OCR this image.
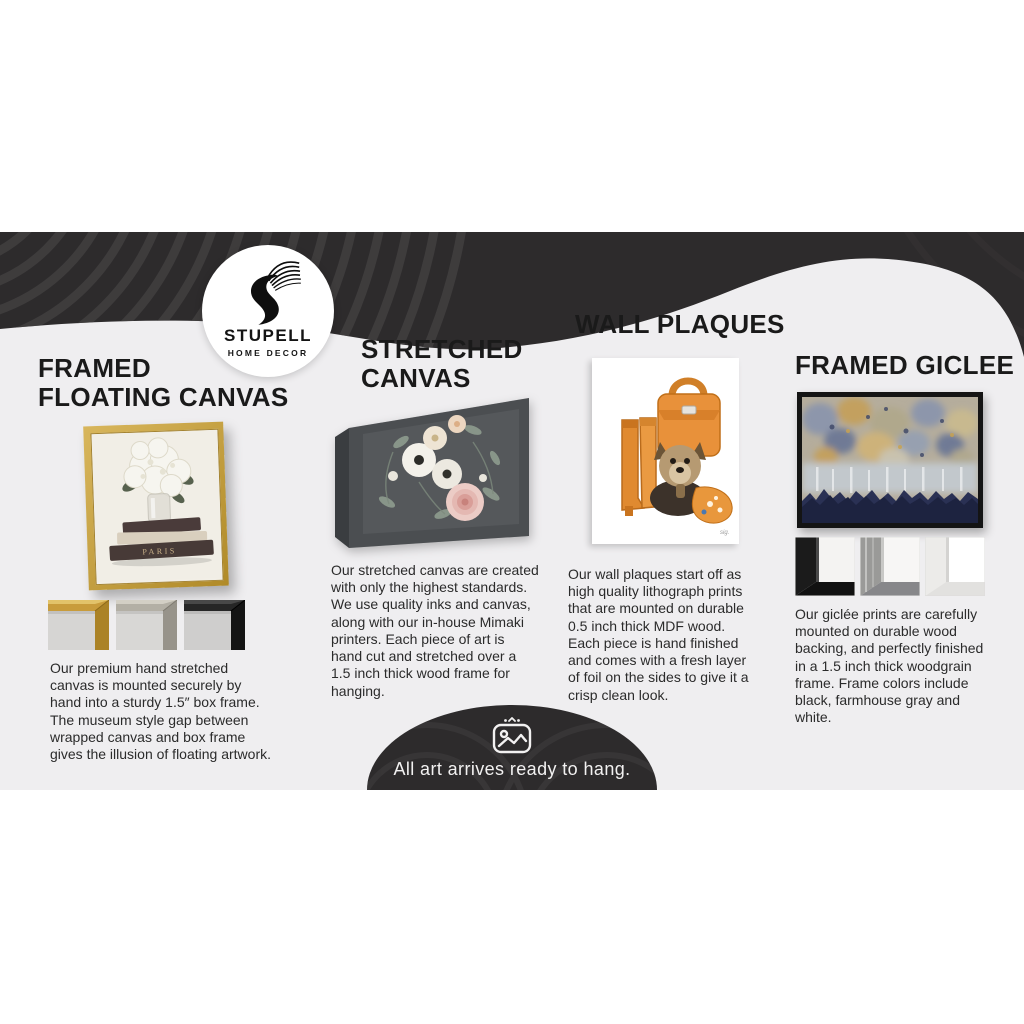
STUPELL
HOME DECOR
FRAMED
FLOATING CANVAS
PARIS
Our premium hand stretched canvas is mounted securely by hand into a sturdy 1.5″ box frame. The museum style gap between wrapped canvas and box frame gives the illusion of floating artwork.
STRETCHED
CANVAS
Our stretched canvas are created with only the highest standards. We use quality inks and canvas, along with our in-house Mimaki printers. Each piece of art is hand cut and stretched over a 1.5 inch thick wood frame for hanging.
WALL PLAQUES
sig.
Our wall plaques start off as high quality lithograph prints that are mounted on durable 0.5 inch thick MDF wood. Each piece is hand finished and comes with a fresh layer of foil on the sides to give it a crisp clean look.
FRAMED GICLEE
Our giclée prints are carefully mounted on durable wood backing, and perfectly finished in a 1.5 inch thick woodgrain frame. Frame colors include black, farmhouse gray and white.
All art arrives ready to hang.
